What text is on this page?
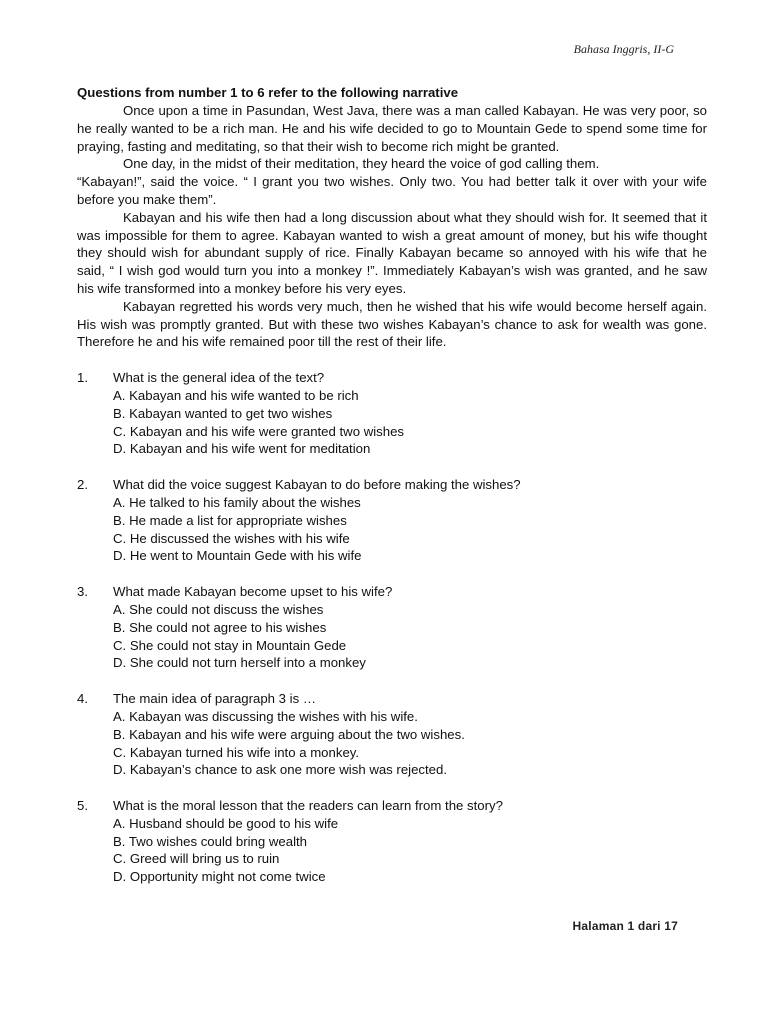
Bahasa Inggris, II-G

Questions from number 1 to 6 refer to the following narrative

Once upon a time in Pasundan, West Java, there was a man called Kabayan. He was very poor, so he really wanted to be a rich man. He and his wife decided to go to Mountain Gede to spend some time for praying, fasting and meditating, so that their wish to become rich might be granted.

One day, in the midst of their meditation, they heard the voice of god calling them.

“Kabayan!”, said the voice. “ I grant you two wishes. Only two. You had better talk it over with your wife before you make them”.

Kabayan and his wife then had a long discussion about what they should wish for. It seemed that it was impossible for them to agree. Kabayan wanted to wish a great amount of money, but his wife thought they should wish for abundant supply of rice. Finally Kabayan became so annoyed with his wife that he said, “ I wish god would turn you into a monkey !”. Immediately Kabayan’s wish was granted, and he saw his wife transformed into a monkey before his very eyes.

Kabayan regretted his words very much, then he wished that his wife would become herself again. His wish was promptly granted. But with these two wishes Kabayan’s chance to ask for wealth was gone. Therefore he and his wife remained poor till the rest of their life.

1.	What is the general idea of the text?
A. Kabayan and his wife wanted to be rich
B. Kabayan wanted to get two wishes
C. Kabayan and his wife were granted two wishes
D. Kabayan and his wife went for meditation
2.	What did the voice suggest Kabayan to do before making the wishes?
A. He talked to his family about the wishes
B. He made a list for appropriate wishes
C. He discussed the wishes with his wife
D. He went to Mountain Gede with his wife
3.	What made Kabayan become upset to his wife?
A. She could not discuss the wishes
B. She could not agree to his wishes
C. She could not stay in Mountain Gede
D. She could not turn herself into a monkey
4.	The main idea of paragraph 3 is …
A. Kabayan was discussing the wishes with his wife.
B. Kabayan and his wife were arguing about the two wishes.
C. Kabayan turned his wife into a monkey.
D. Kabayan’s chance to ask one more wish was rejected.
5.	What is the moral lesson that the readers can learn from the story?
A. Husband should be good to his wife
B. Two wishes could bring wealth
C. Greed will bring us to ruin
D. Opportunity might not come twice
Halaman 1 dari 17
